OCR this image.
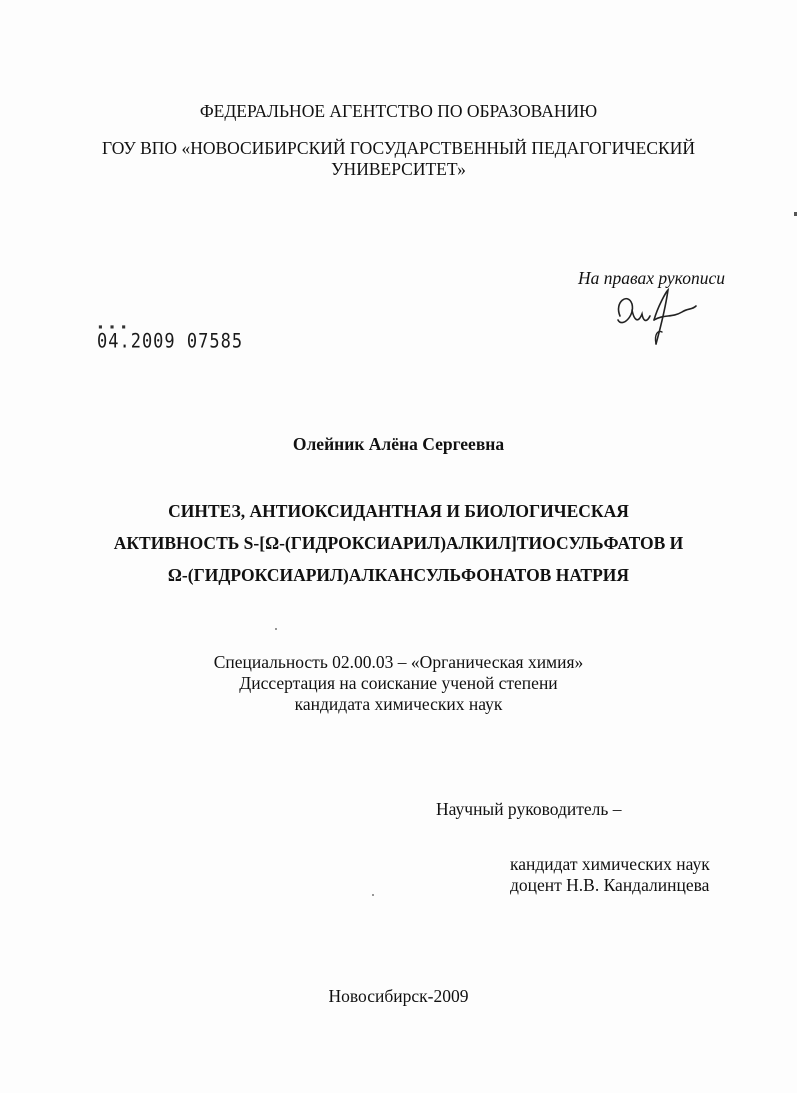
ФЕДЕРАЛЬНОЕ АГЕНТСТВО ПО ОБРАЗОВАНИЮ
ГОУ ВПО «НОВОСИБИРСКИЙ ГОСУДАРСТВЕННЫЙ ПЕДАГОГИЧЕСКИЙ
УНИВЕРСИТЕТ»
На правах рукописи
▪ ▪ ▪
04.2009 07585
Олейник Алёна Сергеевна
СИНТЕЗ, АНТИОКСИДАНТНАЯ И БИОЛОГИЧЕСКАЯ
АКТИВНОСТЬ S-[Ω-(ГИДРОКСИАРИЛ)АЛКИЛ]ТИОСУЛЬФАТОВ И
Ω-(ГИДРОКСИАРИЛ)АЛКАНСУЛЬФОНАТОВ НАТРИЯ
Специальность 02.00.03 – «Органическая химия»
Диссертация на соискание ученой степени
кандидата химических наук
Научный руководитель –
кандидат химических наук
доцент Н.В. Кандалинцева
Новосибирск-2009
